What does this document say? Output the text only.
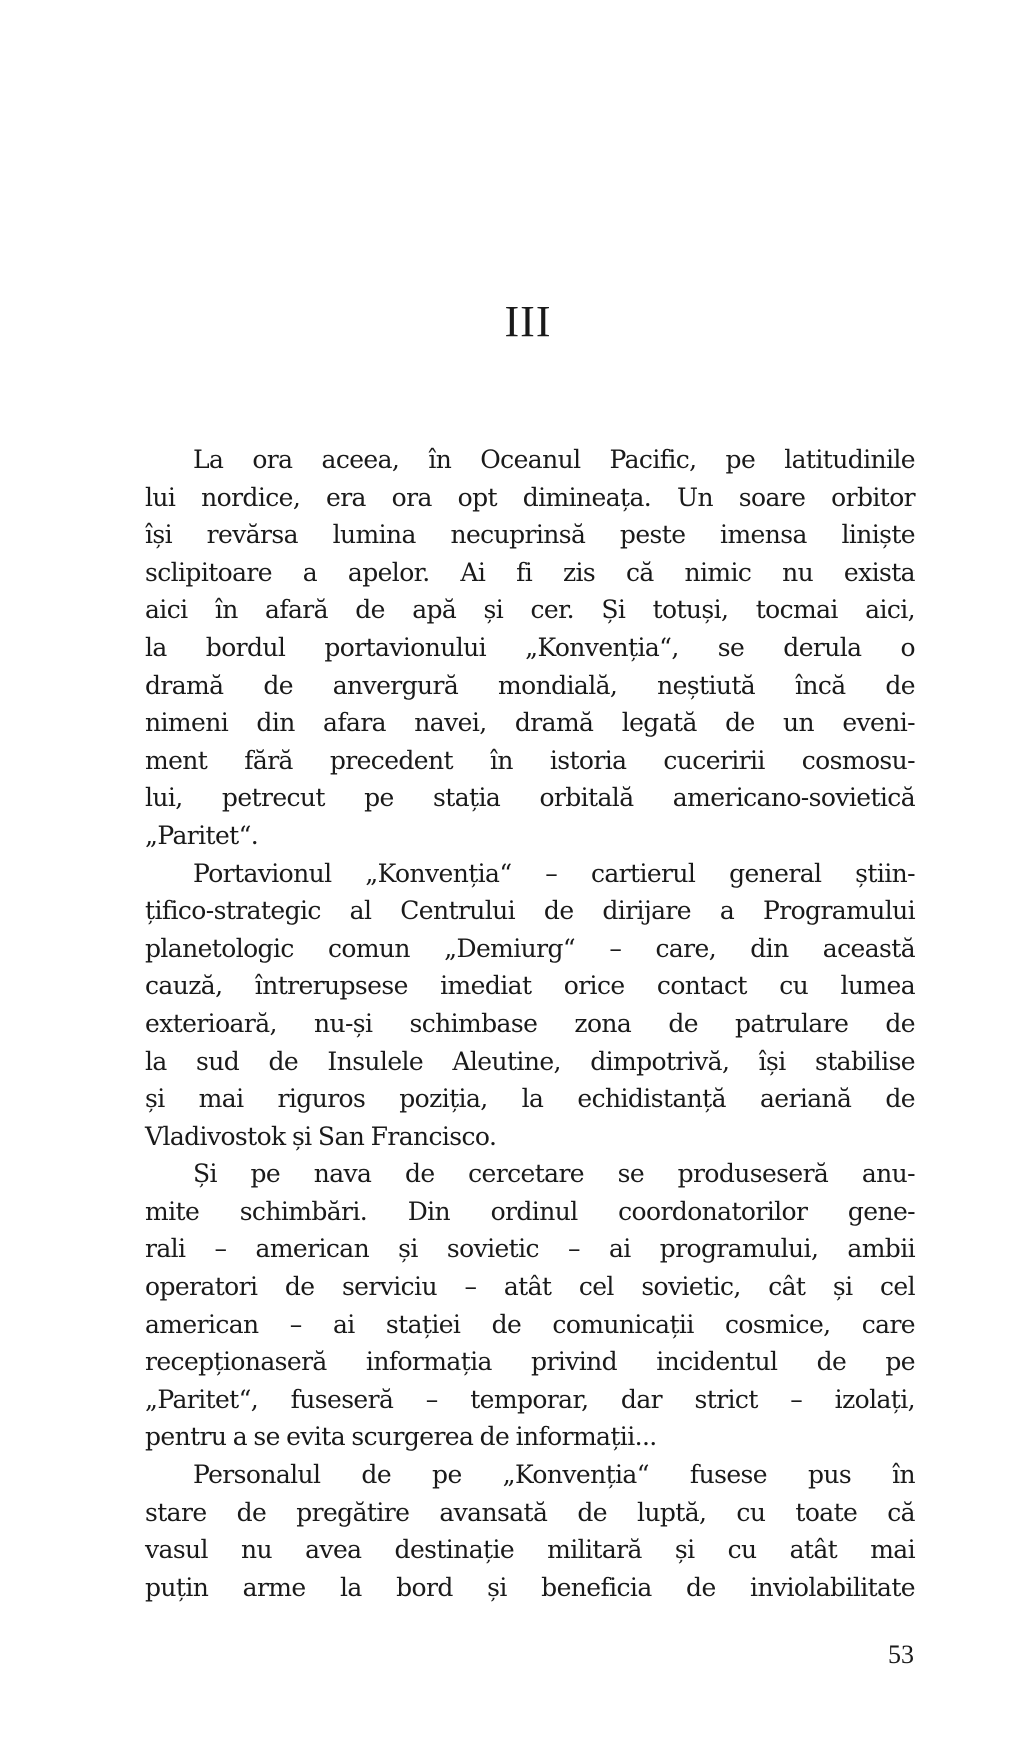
III
La ora aceea, în Oceanul Pacific, pe latitudinile
lui nordice, era ora opt dimineața. Un soare orbitor
își revărsa lumina necuprinsă peste imensa liniște
sclipitoare a apelor. Ai fi zis că nimic nu exista
aici în afară de apă și cer. Și totuși, tocmai aici,
la bordul portavionului „Konvenția“, se derula o
dramă de anvergură mondială, neștiută încă de
nimeni din afara navei, dramă legată de un eveni-
ment fără precedent în istoria cuceririi cosmosu-
lui, petrecut pe stația orbitală americano-sovietică
„Paritet“.
Portavionul „Konvenția“ – cartierul general știin-
țifico-strategic al Centrului de dirijare a Programului
planetologic comun „Demiurg“ – care, din această
cauză, întrerupsese imediat orice contact cu lumea
exterioară, nu-și schimbase zona de patrulare de
la sud de Insulele Aleutine, dimpotrivă, își stabilise
și mai riguros poziția, la echidistanță aeriană de
Vladivostok și San Francisco.
Și pe nava de cercetare se produseseră anu-
mite schimbări. Din ordinul coordonatorilor gene-
rali – american și sovietic – ai programului, ambii
operatori de serviciu – atât cel sovietic, cât și cel
american – ai stației de comunicații cosmice, care
recepționaseră informația privind incidentul de pe
„Paritet“, fuseseră – temporar, dar strict – izolați,
pentru a se evita scurgerea de informații...
Personalul de pe „Konvenția“ fusese pus în
stare de pregătire avansată de luptă, cu toate că
vasul nu avea destinație militară și cu atât mai
puțin arme la bord și beneficia de inviolabilitate
53
